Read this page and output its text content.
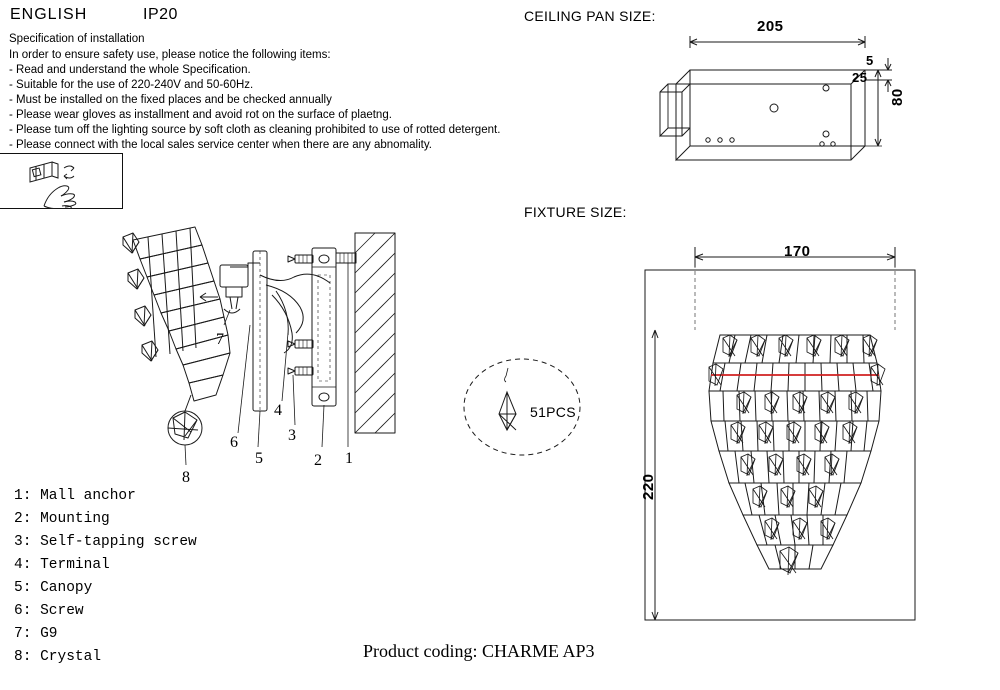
ENGLISH	IP20
Specification of installation
In order to ensure safety use, please notice the following items:
- Read and understand the whole Specification.
- Suitable for the use of 220-240V and 50-60Hz.
- Must be installed on the fixed places and be checked annually
- Please wear gloves as installment and avoid rot on the surface of plaetng.
- Please tum off the lighting source by soft cloth as cleaning prohibited to use of rotted detergent.
- Please connect with the local sales service center when there are any abnomality.
1
2
3
4
5
6
7
8
1: Mall anchor
2: Mounting
3: Self-tapping screw
4: Terminal
5: Canopy
6: Screw
7: G9
8: Crystal
CEILING PAN SIZE:
205
5
25
80
FIXTURE SIZE:
51PCS
170
220
Product coding: CHARME AP3
